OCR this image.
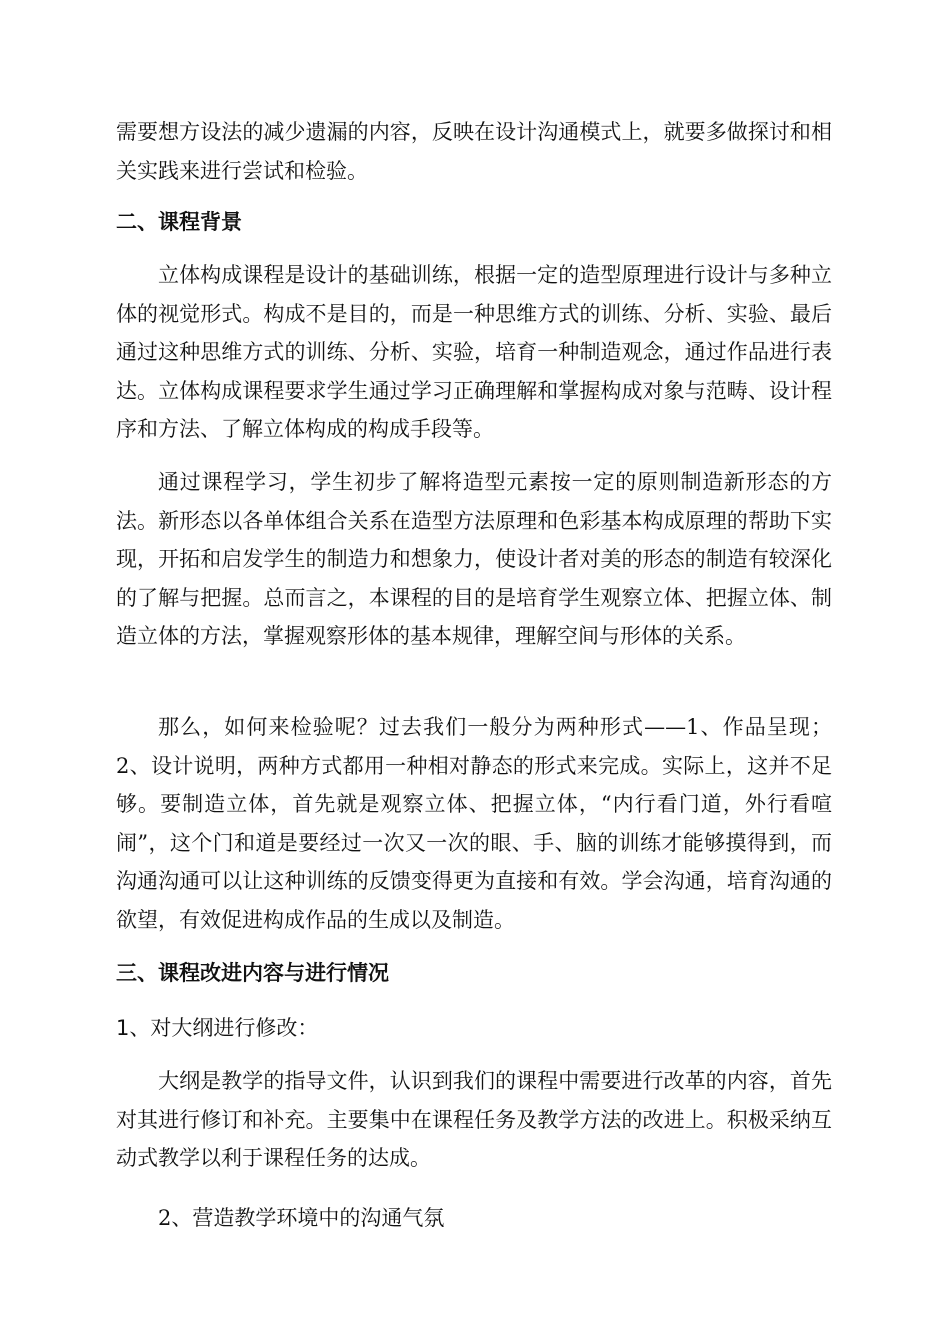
需要想方设法的减少遗漏的内容，反映在设计沟通模式上，就要多做探讨和相关实践来进行尝试和检验。

二、课程背景

立体构成课程是设计的基础训练，根据一定的造型原理进行设计与多种立体的视觉形式。构成不是目的，而是一种思维方式的训练、分析、实验、最后通过这种思维方式的训练、分析、实验，培育一种制造观念，通过作品进行表达。立体构成课程要求学生通过学习正确理解和掌握构成对象与范畴、设计程序和方法、了解立体构成的构成手段等。

通过课程学习，学生初步了解将造型元素按一定的原则制造新形态的方法。新形态以各单体组合关系在造型方法原理和色彩基本构成原理的帮助下实现，开拓和启发学生的制造力和想象力，使设计者对美的形态的制造有较深化的了解与把握。总而言之，本课程的目的是培育学生观察立体、把握立体、制造立体的方法，掌握观察形体的基本规律，理解空间与形体的关系。

那么，如何来检验呢？过去我们一般分为两种形式——1、作品呈现；2、设计说明，两种方式都用一种相对静态的形式来完成。实际上，这并不足够。要制造立体，首先就是观察立体、把握立体，“内行看门道，外行看喧闹”，这个门和道是要经过一次又一次的眼、手、脑的训练才能够摸得到，而沟通沟通可以让这种训练的反馈变得更为直接和有效。学会沟通，培育沟通的欲望，有效促进构成作品的生成以及制造。

三、课程改进内容与进行情况
1、对大纲进行修改：

大纲是教学的指导文件，认识到我们的课程中需要进行改革的内容，首先对其进行修订和补充。主要集中在课程任务及教学方法的改进上。积极采纳互动式教学以利于课程任务的达成。

2、营造教学环境中的沟通气氛
